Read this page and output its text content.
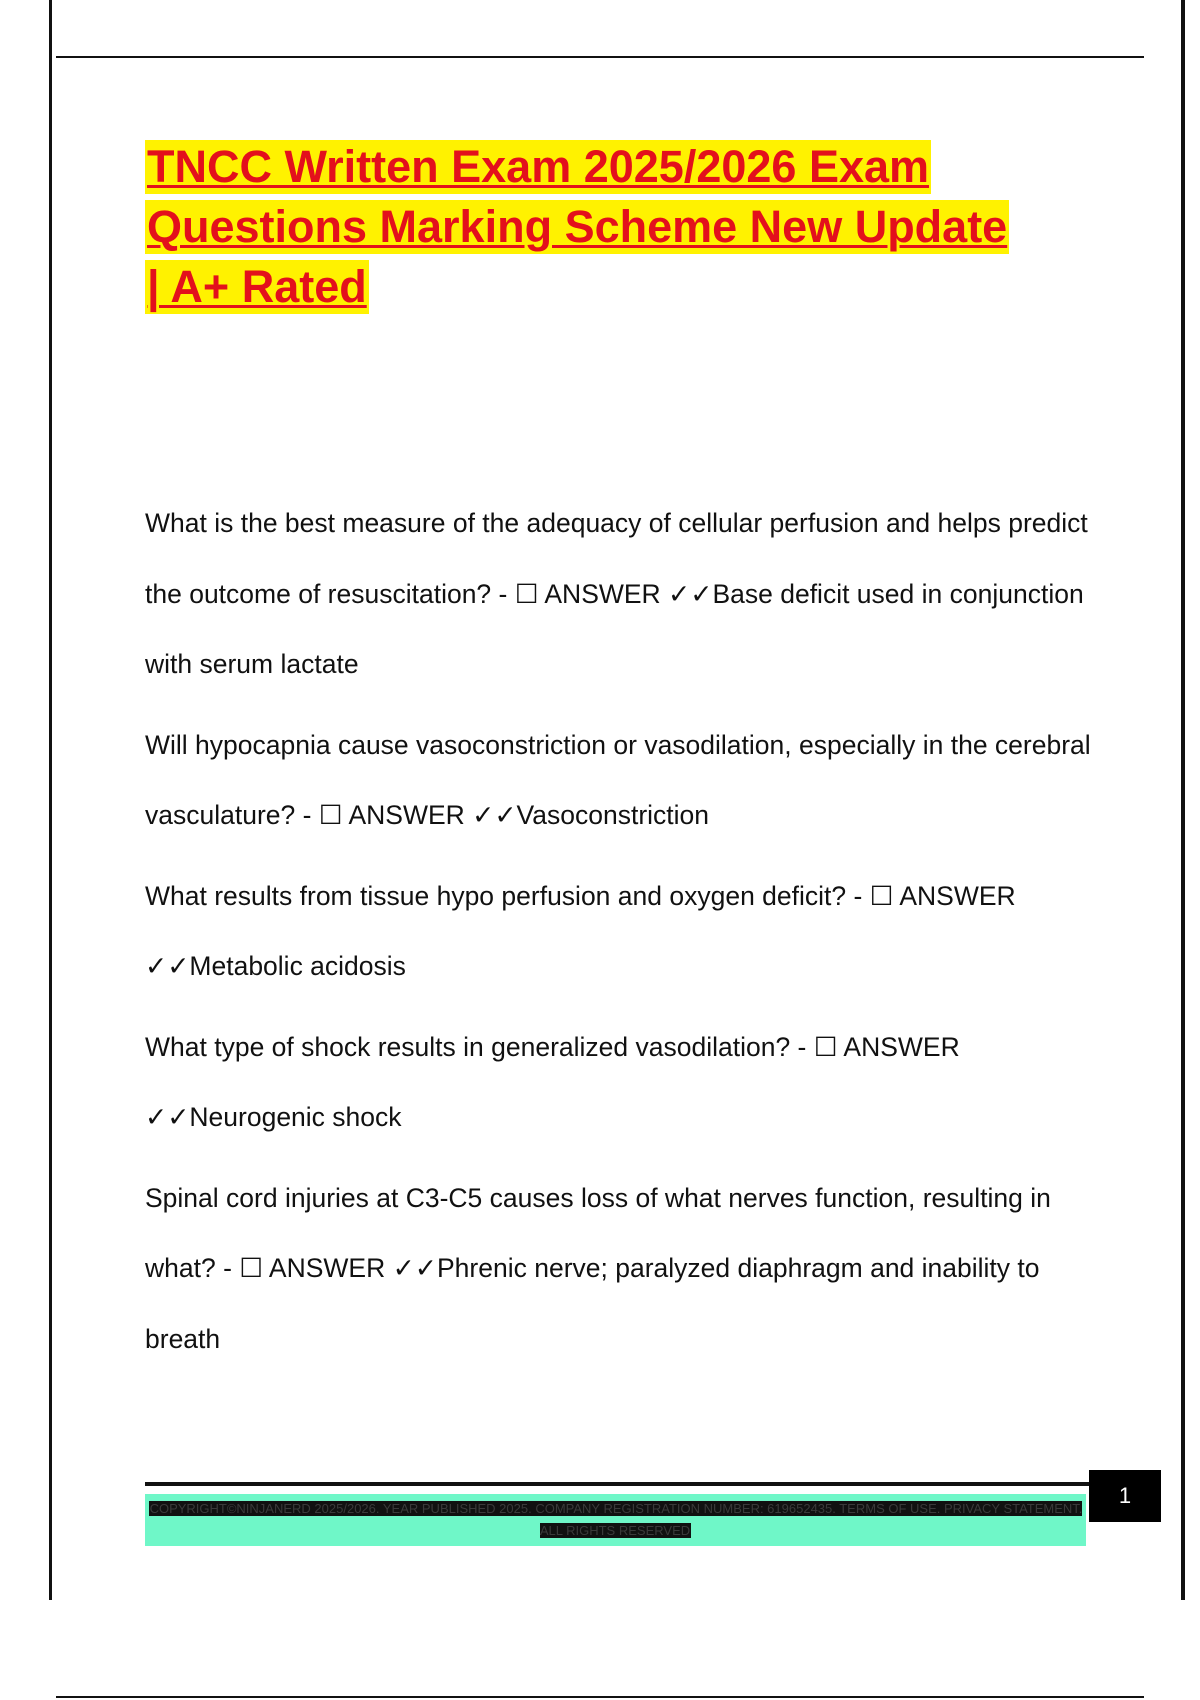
TNCC Written Exam 2025/2026 Exam
Questions Marking Scheme New Update
| A+ Rated

What is the best measure of the adequacy of cellular perfusion and helps predict the outcome of resuscitation? - ☐ ANSWER ✓✓Base deficit used in conjunction with serum lactate

Will hypocapnia cause vasoconstriction or vasodilation, especially in the cerebral vasculature? - ☐ ANSWER ✓✓Vasoconstriction

What results from tissue hypo perfusion and oxygen deficit? - ☐ ANSWER ✓✓Metabolic acidosis

What type of shock results in generalized vasodilation? - ☐ ANSWER ✓✓Neurogenic shock

Spinal cord injuries at C3-C5 causes loss of what nerves function, resulting in what? - ☐ ANSWER ✓✓Phrenic nerve; paralyzed diaphragm and inability to breath

1
COPYRIGHT©NINJANERD 2025/2026. YEAR PUBLISHED 2025. COMPANY REGISTRATION NUMBER: 619652435. TERMS OF USE. PRIVACY STATEMENT. ALL RIGHTS RESERVED
